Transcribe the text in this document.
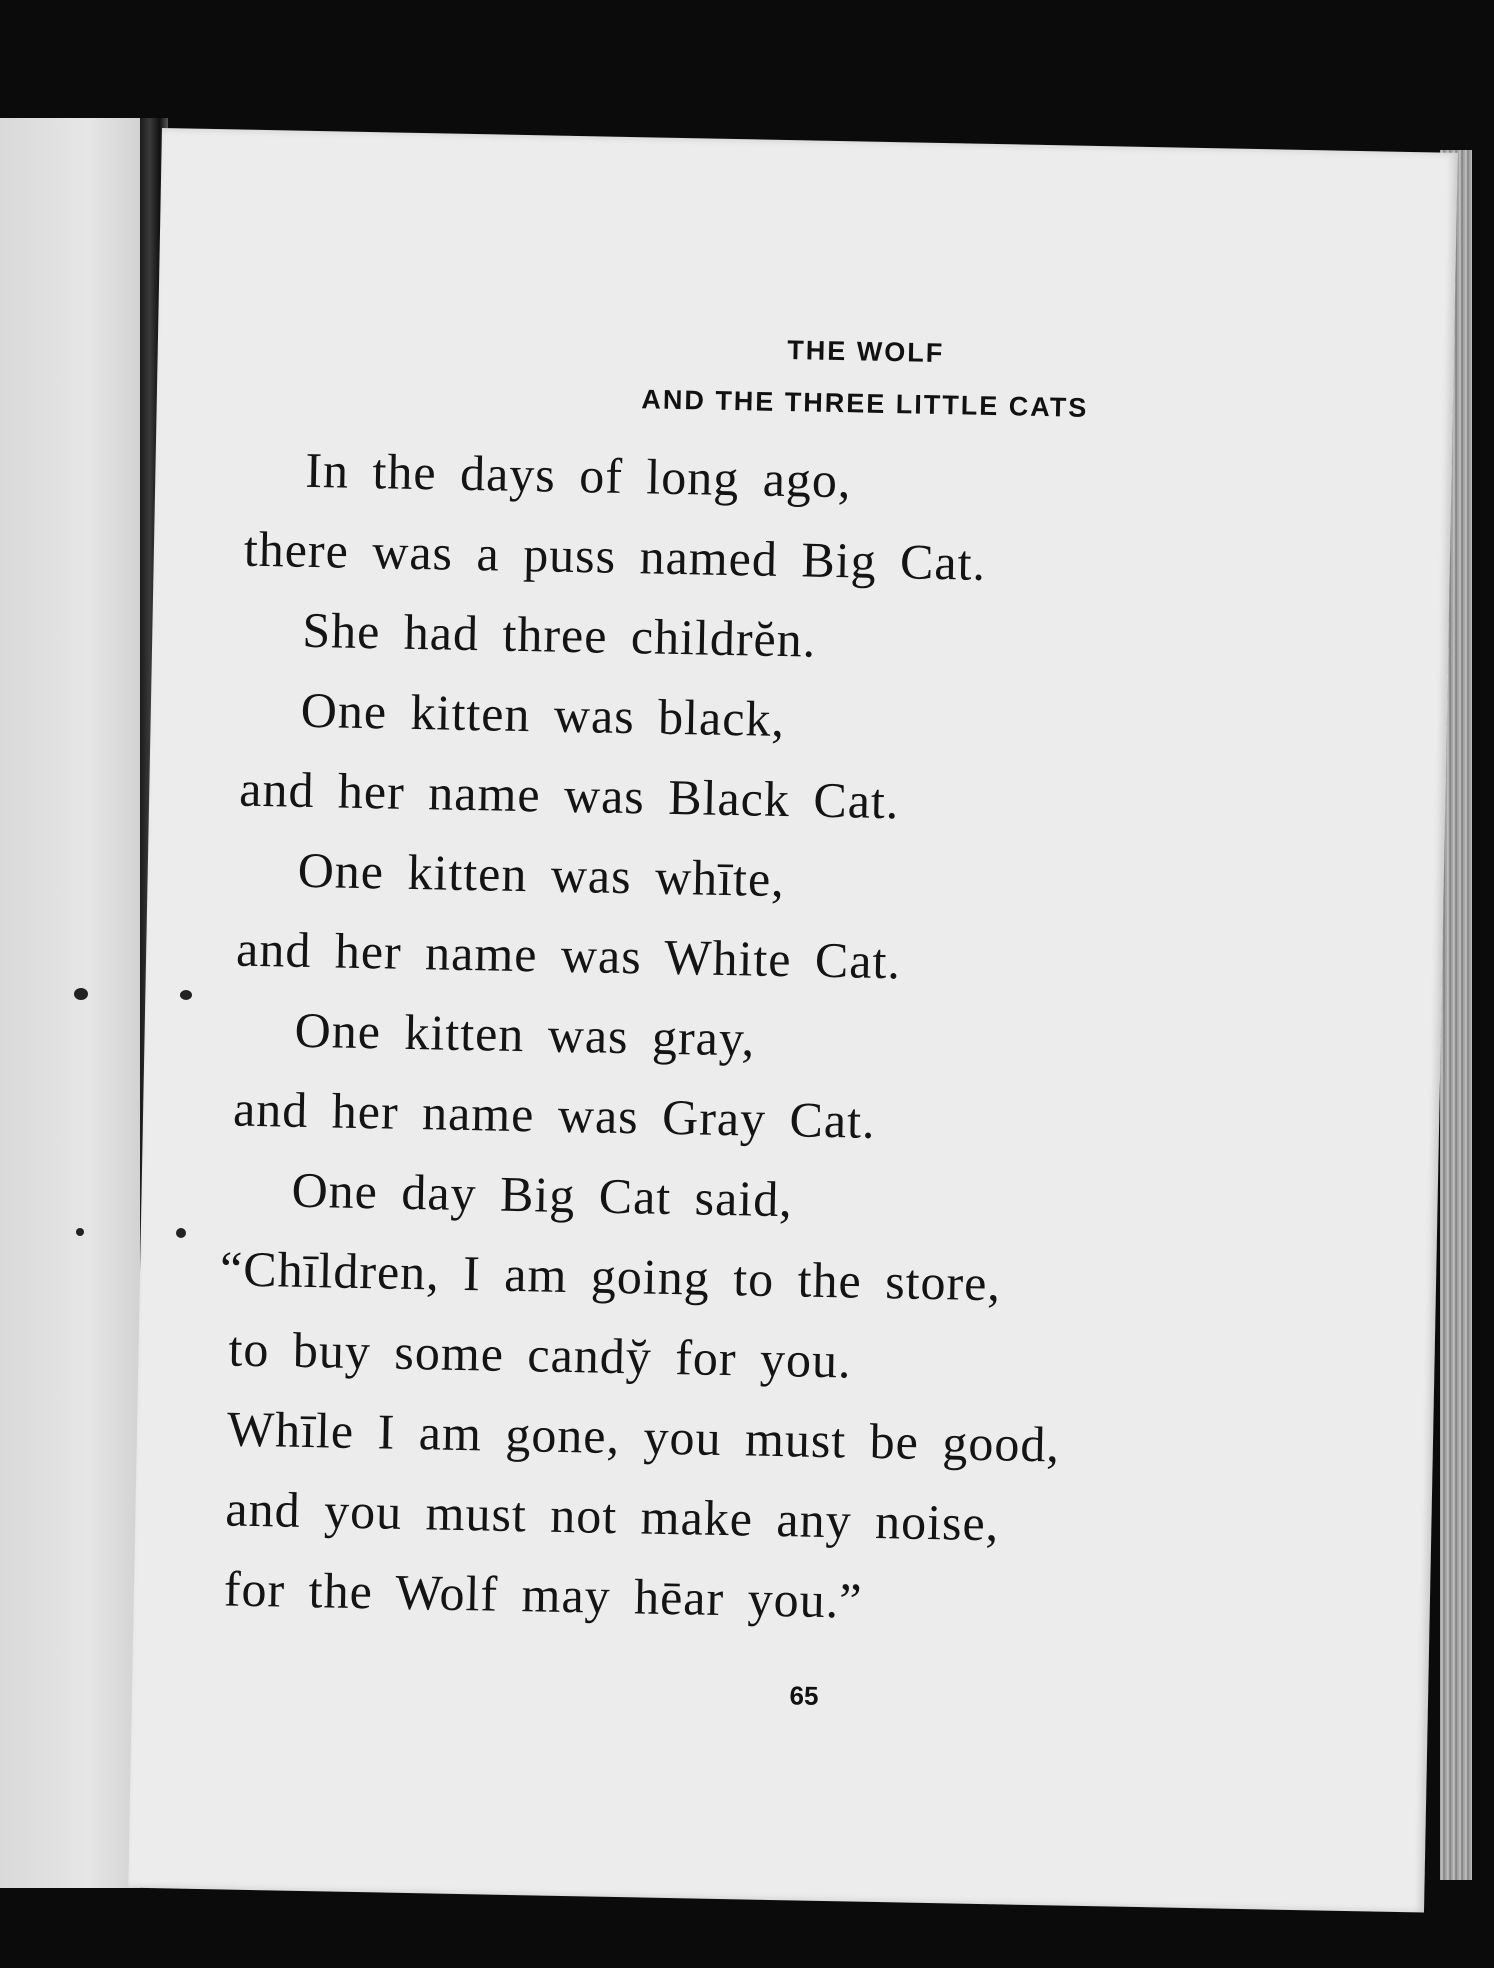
THE WOLF
AND THE THREE LITTLE CATS
In the days of long ago,
there was a puss named Big Cat.
She had three childrĕn.
One kitten was black,
and her name was Black Cat.
One kitten was whīte,
and her name was White Cat.
One kitten was gray,
and her name was Gray Cat.
One day Big Cat said,
“Chīldren, I am going to the store,
to buy some candy̆ for you.
Whīle I am gone, you must be good,
and you must not make any noise,
for the Wolf may hēar you.”
65
